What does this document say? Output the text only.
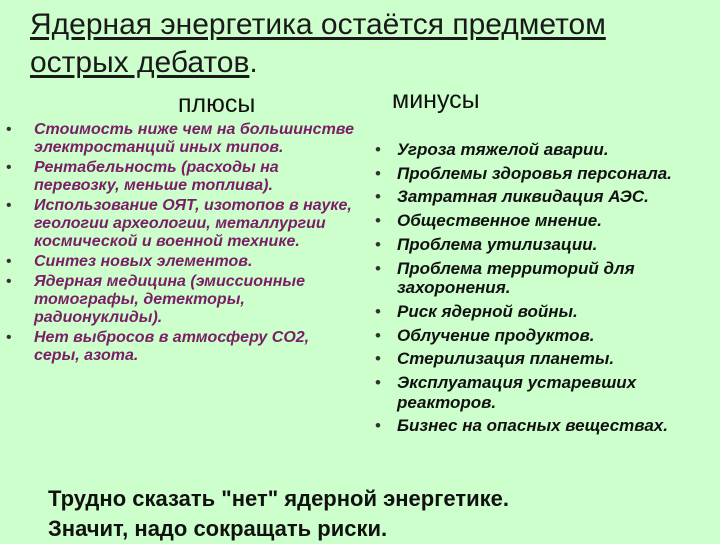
Ядерная энергетика остаётся предметом острых дебатов.
плюсы	минусы
• Стоимость ниже чем на большинстве электростанций иных типов.
• Рентабельность (расходы на перевозку, меньше топлива).
• Использование ОЯТ, изотопов в науке, геологии археологии, металлургии космической и военной технике.
• Синтез новых элементов.
• Ядерная медицина (эмиссионные томографы, детекторы, радионуклиды).
• Нет выбросов в атмосферу СО2, серы, азота.
• Угроза тяжелой аварии.
• Проблемы здоровья персонала.
• Затратная ликвидация АЭС.
• Общественное мнение.
• Проблема утилизации.
• Проблема территорий для захоронения.
• Риск ядерной войны.
• Облучение продуктов.
• Стерилизация планеты.
• Эксплуатация устаревших реакторов.
• Бизнес на опасных веществах.
Трудно сказать "нет" ядерной энергетике.
Значит, надо сокращать риски.
